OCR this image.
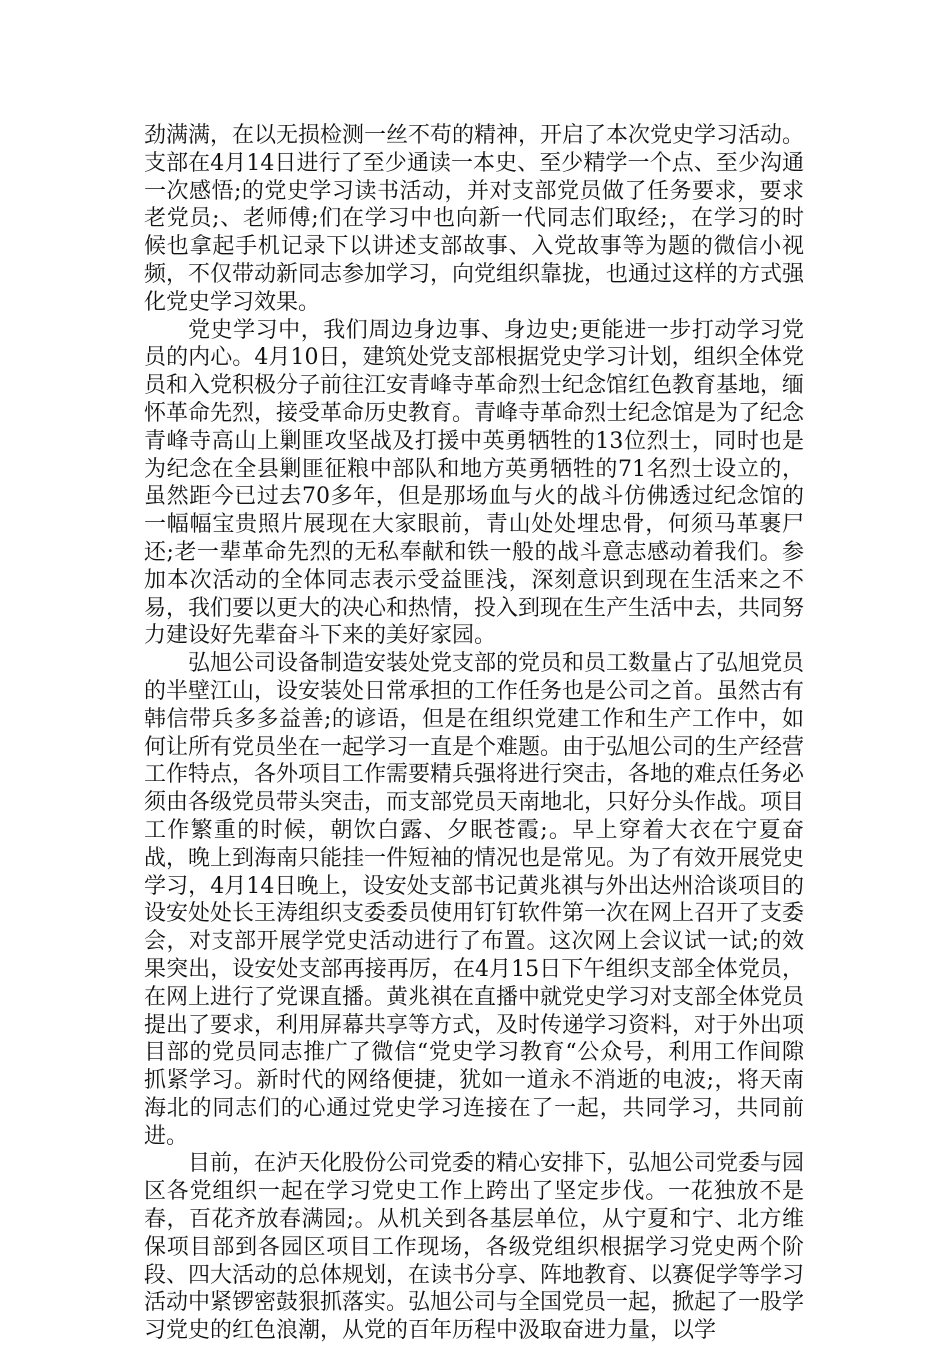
劲满满，在以无损检测一丝不苟的精神，开启了本次党史学习活动。支部在4月14日进行了至少通读一本史、至少精学一个点、至少沟通一次感悟;的党史学习读书活动，并对支部党员做了任务要求，要求老党员;、老师傅;们在学习中也向新一代同志们取经;，在学习的时候也拿起手机记录下以讲述支部故事、入党故事等为题的微信小视频，不仅带动新同志参加学习，向党组织靠拢，也通过这样的方式强化党史学习效果。

党史学习中，我们周边身边事、身边史;更能进一步打动学习党员的内心。4月10日，建筑处党支部根据党史学习计划，组织全体党员和入党积极分子前往江安青峰寺革命烈士纪念馆红色教育基地，缅怀革命先烈，接受革命历史教育。青峰寺革命烈士纪念馆是为了纪念青峰寺高山上剿匪攻坚战及打援中英勇牺牲的13位烈士，同时也是为纪念在全县剿匪征粮中部队和地方英勇牺牲的71名烈士设立的，虽然距今已过去70多年，但是那场血与火的战斗仿佛透过纪念馆的一幅幅宝贵照片展现在大家眼前，青山处处埋忠骨，何须马革裹尸还;老一辈革命先烈的无私奉献和铁一般的战斗意志感动着我们。参加本次活动的全体同志表示受益匪浅，深刻意识到现在生活来之不易，我们要以更大的决心和热情，投入到现在生产生活中去，共同努力建设好先辈奋斗下来的美好家园。

弘旭公司设备制造安装处党支部的党员和员工数量占了弘旭党员的半壁江山，设安装处日常承担的工作任务也是公司之首。虽然古有韩信带兵多多益善;的谚语，但是在组织党建工作和生产工作中，如何让所有党员坐在一起学习一直是个难题。由于弘旭公司的生产经营工作特点，各外项目工作需要精兵强将进行突击，各地的难点任务必须由各级党员带头突击，而支部党员天南地北，只好分头作战。项目工作繁重的时候，朝饮白露、夕眠苍霞;。早上穿着大衣在宁夏奋战，晚上到海南只能挂一件短袖的情况也是常见。为了有效开展党史学习，4月14日晚上，设安处支部书记黄兆祺与外出达州洽谈项目的设安处处长王涛组织支委委员使用钉钉软件第一次在网上召开了支委会，对支部开展学党史活动进行了布置。这次网上会议试一试;的效果突出，设安处支部再接再厉，在4月15日下午组织支部全体党员，在网上进行了党课直播。黄兆祺在直播中就党史学习对支部全体党员提出了要求，利用屏幕共享等方式，及时传递学习资料，对于外出项目部的党员同志推广了微信“党史学习教育“公众号，利用工作间隙抓紧学习。新时代的网络便捷，犹如一道永不消逝的电波;，将天南海北的同志们的心通过党史学习连接在了一起，共同学习，共同前进。

目前，在泸天化股份公司党委的精心安排下，弘旭公司党委与园区各党组织一起在学习党史工作上跨出了坚定步伐。一花独放不是春，百花齐放春满园;。从机关到各基层单位，从宁夏和宁、北方维保项目部到各园区项目工作现场，各级党组织根据学习党史两个阶段、四大活动的总体规划，在读书分享、阵地教育、以赛促学等学习活动中紧锣密鼓狠抓落实。弘旭公司与全国党员一起，掀起了一股学习党史的红色浪潮，从党的百年历程中汲取奋进力量，以学
